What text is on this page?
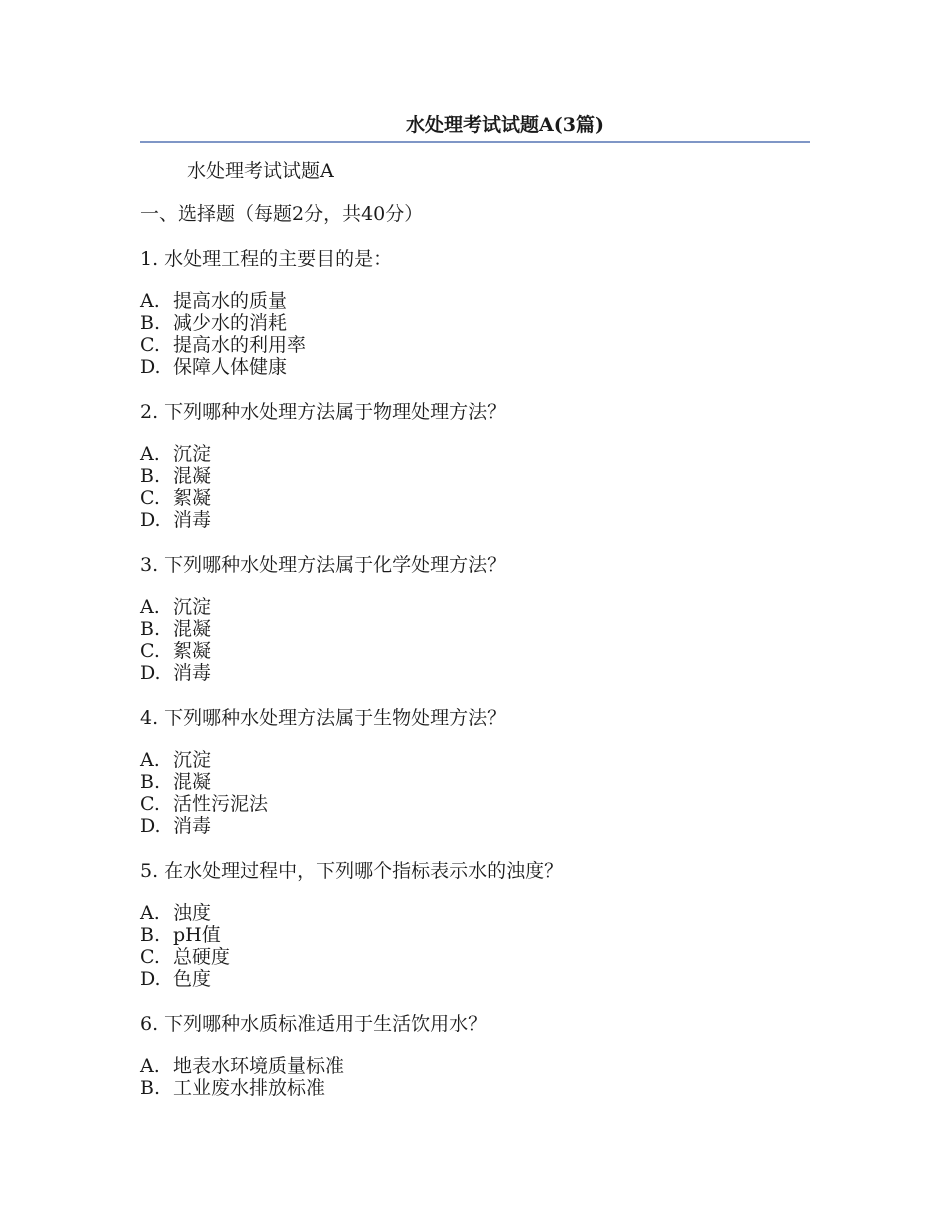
水处理考试试题A(3篇)
水处理考试试题A
一、选择题（每题2分，共40分）
1. 水处理工程的主要目的是：
A. 提高水的质量
B. 减少水的消耗
C. 提高水的利用率
D. 保障人体健康
2. 下列哪种水处理方法属于物理处理方法？
A. 沉淀
B. 混凝
C. 絮凝
D. 消毒
3. 下列哪种水处理方法属于化学处理方法？
A. 沉淀
B. 混凝
C. 絮凝
D. 消毒
4. 下列哪种水处理方法属于生物处理方法？
A. 沉淀
B. 混凝
C. 活性污泥法
D. 消毒
5. 在水处理过程中，下列哪个指标表示水的浊度？
A. 浊度
B. pH值
C. 总硬度
D. 色度
6. 下列哪种水质标准适用于生活饮用水？
A. 地表水环境质量标准
B. 工业废水排放标准
